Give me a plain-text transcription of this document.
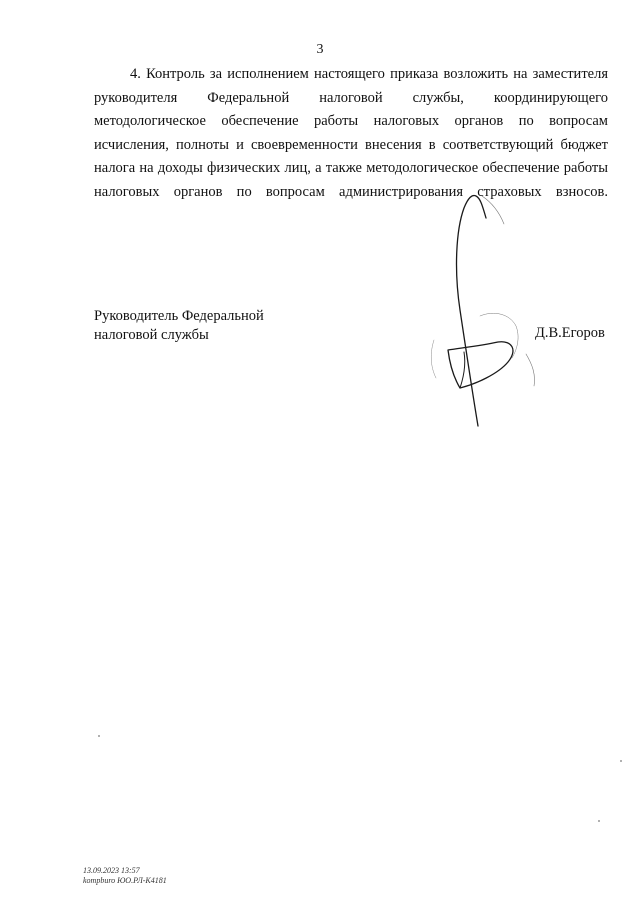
3

4. Контроль за исполнением настоящего приказа возложить на заместителя руководителя Федеральной налоговой службы, координирующего методологическое обеспечение работы налоговых органов по вопросам исчисления, полноты и своевременности внесения в соответствующий бюджет налога на доходы физических лиц, а также методологическое обеспечение работы налоговых органов по вопросам администрирования страховых взносов.

Руководитель Федеральной
налоговой службы	Д.В.Егоров
13.09.2023 13:57
kompburo ЮО.РЛ-К4181
